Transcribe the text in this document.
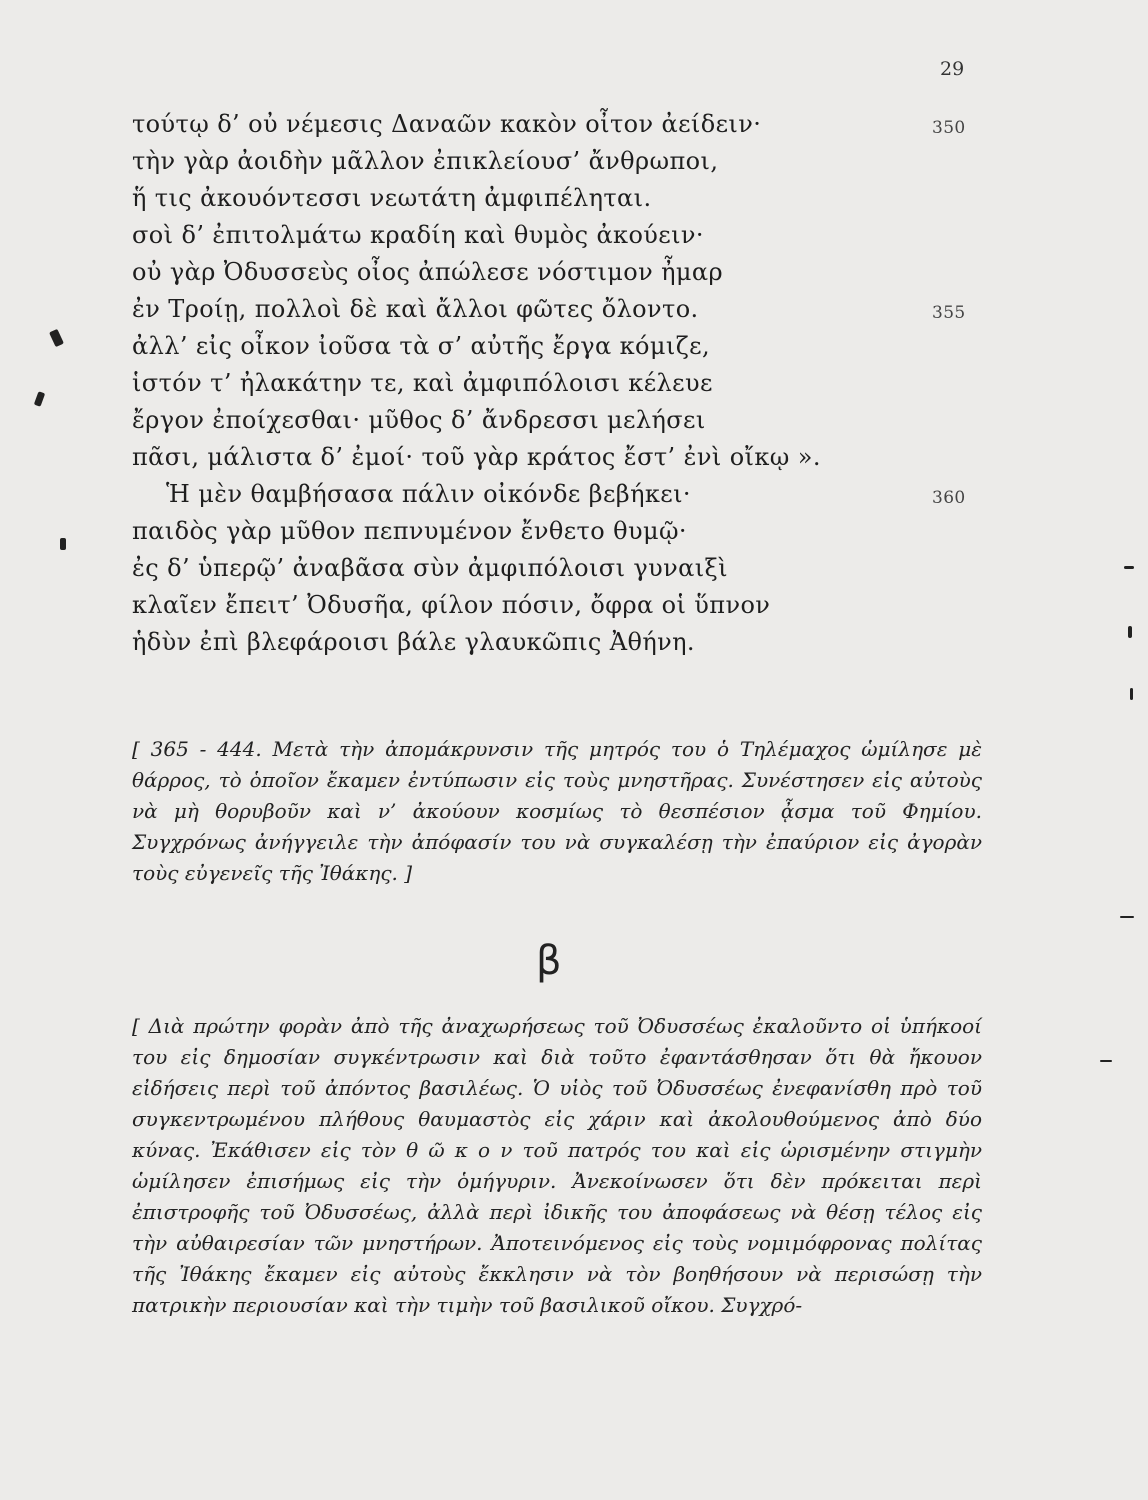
29
τούτῳ δ’ οὐ νέμεσις Δαναῶν κακὸν οἶτον ἀείδειν·	350
τὴν γὰρ ἀοιδὴν μᾶλλον ἐπικλείουσ’ ἄνθρωποι,
ἥ τις ἀκουόντεσσι νεωτάτη ἀμφιπέληται.
σοὶ δ’ ἐπιτολμάτω κραδίη καὶ θυμὸς ἀκούειν·
οὐ γὰρ Ὀδυσσεὺς οἶος ἀπώλεσε νόστιμον ἦμαρ
ἐν Τροίῃ, πολλοὶ δὲ καὶ ἄλλοι φῶτες ὄλοντο.	355
ἀλλ’ εἰς οἶκον ἰοῦσα τὰ σ’ αὐτῆς ἔργα κόμιζε,
ἱστόν τ’ ἠλακάτην τε, καὶ ἀμφιπόλοισι κέλευε
ἔργον ἐποίχεσθαι· μῦθος δ’ ἄνδρεσσι μελήσει
πᾶσι, μάλιστα δ’ ἐμοί· τοῦ γὰρ κράτος ἔστ’ ἐνὶ οἴκῳ ».
Ἡ μὲν θαμβήσασα πάλιν οἰκόνδε βεβήκει·	360
παιδὸς γὰρ μῦθον πεπνυμένον ἔνθετο θυμῷ·
ἐς δ’ ὑπερῷ’ ἀναβᾶσα σὺν ἀμφιπόλοισι γυναιξὶ
κλαῖεν ἔπειτ’ Ὀδυσῆα, φίλον πόσιν, ὄφρα οἱ ὕπνον
ἡδὺν ἐπὶ βλεφάροισι βάλε γλαυκῶπις Ἀθήνη.

[ 365 - 444. Μετὰ τὴν ἀπομάκρυνσιν τῆς μητρός του ὁ Τηλέμαχος ὡμίλησε μὲ θάρρος, τὸ ὁποῖον ἔκαμεν ἐντύπωσιν εἰς τοὺς μνηστῆρας. Συνέστησεν εἰς αὐτοὺς νὰ μὴ θορυβοῦν καὶ ν’ ἀκούουν κοσμίως τὸ θεσπέσιον ᾆσμα τοῦ Φημίου. Συγχρόνως ἀνήγγειλε τὴν ἀπόφασίν του νὰ συγκαλέσῃ τὴν ἐπαύριον εἰς ἀγορὰν τοὺς εὐγενεῖς τῆς Ἰθάκης. ]

β

[ Διὰ πρώτην φορὰν ἀπὸ τῆς ἀναχωρήσεως τοῦ Ὀδυσσέως ἐκαλοῦντο οἱ ὑπήκοοί του εἰς δημοσίαν συγκέντρωσιν καὶ διὰ τοῦτο ἐφαντάσθησαν ὅτι θὰ ἤκουον εἰδήσεις περὶ τοῦ ἀπόντος βασιλέως. Ὁ υἱὸς τοῦ Ὀδυσσέως ἐνεφανίσθη πρὸ τοῦ συγκεντρωμένου πλήθους θαυμαστὸς εἰς χάριν καὶ ἀκολουθούμενος ἀπὸ δύο κύνας. Ἐκάθισεν εἰς τὸν θ ῶ κ ο ν τοῦ πατρός του καὶ εἰς ὡρισμένην στιγμὴν ὡμίλησεν ἐπισήμως εἰς τὴν ὁμήγυριν. Ἀνεκοίνωσεν ὅτι δὲν πρόκειται περὶ ἐπιστροφῆς τοῦ Ὀδυσσέως, ἀλλὰ περὶ ἰδικῆς του ἀποφάσεως νὰ θέσῃ τέλος εἰς τὴν αὐθαιρεσίαν τῶν μνηστήρων. Ἀποτεινόμενος εἰς τοὺς νομιμόφρονας πολίτας τῆς Ἰθάκης ἔκαμεν εἰς αὐτοὺς ἔκκλησιν νὰ τὸν βοηθήσουν νὰ περισώσῃ τὴν πατρικὴν περιουσίαν καὶ τὴν τιμὴν τοῦ βασιλικοῦ οἴκου. Συγχρό-
